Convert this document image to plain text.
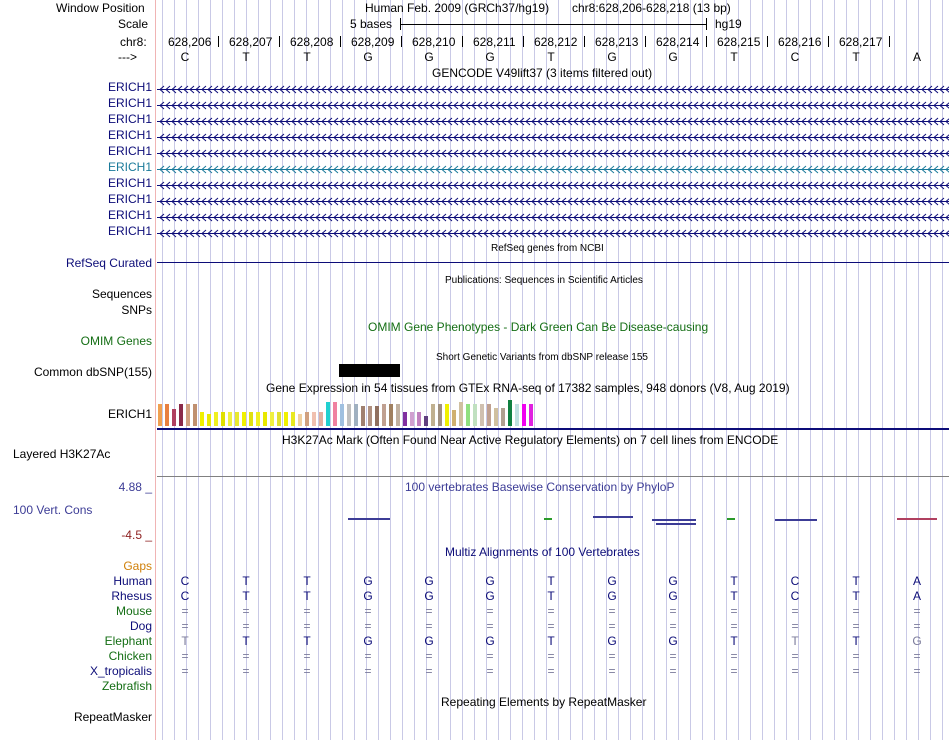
Window Position	Human Feb. 2009 (GRCh37/hg19) chr8:628,206-628,218 (13 bp)
Scale	5 bases	hg19
chr8:
--->
GENCODE V49lift37 (3 items filtered out)
RefSeq genes from NCBI
RefSeq Curated
Publications: Sequences in Scientific Articles
Sequences
SNPs
OMIM Gene Phenotypes - Dark Green Can Be Disease-causing
OMIM Genes
Short Genetic Variants from dbSNP release 155
Common dbSNP(155)
Gene Expression in 54 tissues from GTEx RNA-seq of 17382 samples, 948 donors (V8, Aug 2019)
ERICH1
H3K27Ac Mark (Often Found Near Active Regulatory Elements) on 7 cell lines from ENCODE
Layered H3K27Ac
4.88 _	100 vertebrates Basewise Conservation by PhyloP
100 Vert. Cons
-4.5 _
Multiz Alignments of 100 Vertebrates
Gaps
Repeating Elements by RepeatMasker
RepeatMasker
628,206 628,207 628,208 628,209 628,210 628,211 628,212 628,213 628,214 628,215 628,216 628,217
C	T	T	G	G	G	T	G	G	T	C	T	A
ERICH1
ERICH1
ERICH1
ERICH1
ERICH1
ERICH1
ERICH1
ERICH1
ERICH1
ERICH1
Human C	T	T	G	G	G	T	G	G	T	C	T	A
Rhesus C	T	T	G	G	G	T	G	G	T	C	T	A
Mouse =	=	=	=	=	=	=	=	=	=	=	=	=
Dog =	=	=	=	=	=	=	=	=	=	=	=	=
Elephant T	T	T	G	G	G	T	G	G	T	T	T	G
Chicken =	=	=	=	=	=	=	=	=	=	=	=	=
X_tropicalis =	=	=	=	=	=	=	=	=	=	=	=	=
Zebrafish
